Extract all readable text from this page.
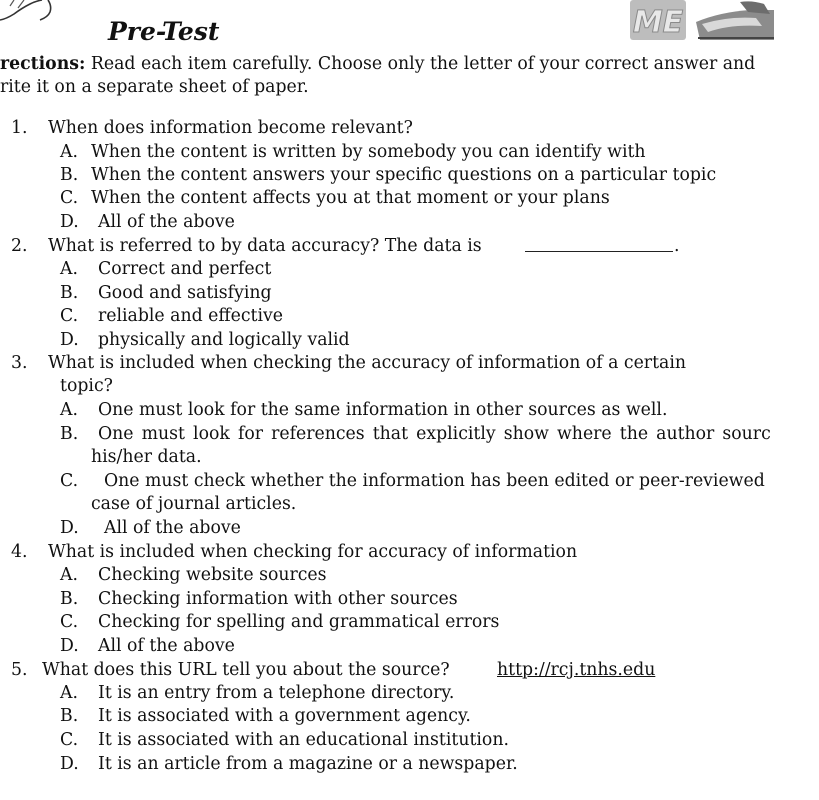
ME
Pre-Test
rections: Read each item carefully. Choose only the letter of your correct answer and
rite it on a separate sheet of paper.
1. When does information become relevant?
A. When the content is written by somebody you can identify with
B. When the content answers your specific questions on a particular topic
C. When the content affects you at that moment or your plans
D. All of the above
2. What is referred to by data accuracy? The data is	.
A. Correct and perfect
B. Good and satisfying
C. reliable and effective
D. physically and logically valid
3. What is included when checking the accuracy of information of a certain
topic?
A. One must look for the same information in other sources as well.
B. One must look for references that explicitly show where the author sourc
his/her data.
C. One must check whether the information has been edited or peer-reviewed
case of journal articles.
D. All of the above
4. What is included when checking for accuracy of information
A. Checking website sources
B. Checking information with other sources
C. Checking for spelling and grammatical errors
D. All of the above
5. What does this URL tell you about the source?	http://rcj.tnhs.edu
A. It is an entry from a telephone directory.
B. It is associated with a government agency.
C. It is associated with an educational institution.
D. It is an article from a magazine or a newspaper.
